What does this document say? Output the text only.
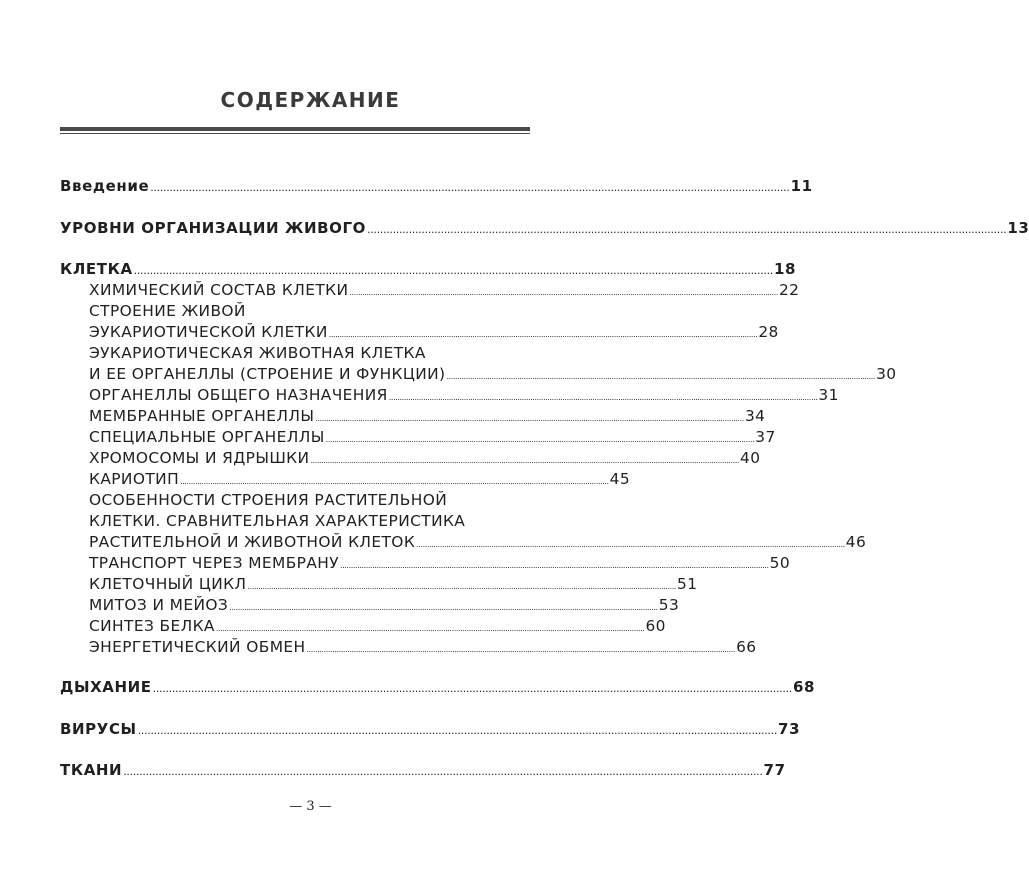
СОДЕРЖАНИЕ
Введение ........................................................................................................................................................................................................ 11
УРОВНИ ОРГАНИЗАЦИИ ЖИВОГО ........................................................................................................................................................................................................ 13
КЛЕТКА ........................................................................................................................................................................................................ 18
ХИМИЧЕСКИЙ СОСТАВ КЛЕТКИ ........................................................................................................................................................................................................ 22
СТРОЕНИЕ ЖИВОЙ
ЭУКАРИОТИЧЕСКОЙ КЛЕТКИ ........................................................................................................................................................................................................ 28
ЭУКАРИОТИЧЕСКАЯ ЖИВОТНАЯ КЛЕТКА
И ЕЕ ОРГАНЕЛЛЫ (СТРОЕНИЕ И ФУНКЦИИ) ........................................................................................................................................................................................................ 30
ОРГАНЕЛЛЫ ОБЩЕГО НАЗНАЧЕНИЯ ........................................................................................................................................................................................................ 31
МЕМБРАННЫЕ ОРГАНЕЛЛЫ ........................................................................................................................................................................................................ 34
СПЕЦИАЛЬНЫЕ ОРГАНЕЛЛЫ ........................................................................................................................................................................................................ 37
ХРОМОСОМЫ И ЯДРЫШКИ ........................................................................................................................................................................................................ 40
КАРИОТИП ........................................................................................................................................................................................................ 45
ОСОБЕННОСТИ СТРОЕНИЯ РАСТИТЕЛЬНОЙ
КЛЕТКИ. СРАВНИТЕЛЬНАЯ ХАРАКТЕРИСТИКА
РАСТИТЕЛЬНОЙ И ЖИВОТНОЙ КЛЕТОК ........................................................................................................................................................................................................ 46
ТРАНСПОРТ ЧЕРЕЗ МЕМБРАНУ ........................................................................................................................................................................................................ 50
КЛЕТОЧНЫЙ ЦИКЛ ........................................................................................................................................................................................................ 51
МИТОЗ И МЕЙОЗ ........................................................................................................................................................................................................ 53
СИНТЕЗ БЕЛКА ........................................................................................................................................................................................................ 60
ЭНЕРГЕТИЧЕСКИЙ ОБМЕН ........................................................................................................................................................................................................ 66
ДЫХАНИЕ ........................................................................................................................................................................................................ 68
ВИРУСЫ ........................................................................................................................................................................................................ 73
ТКАНИ ........................................................................................................................................................................................................ 77
— 3 —
